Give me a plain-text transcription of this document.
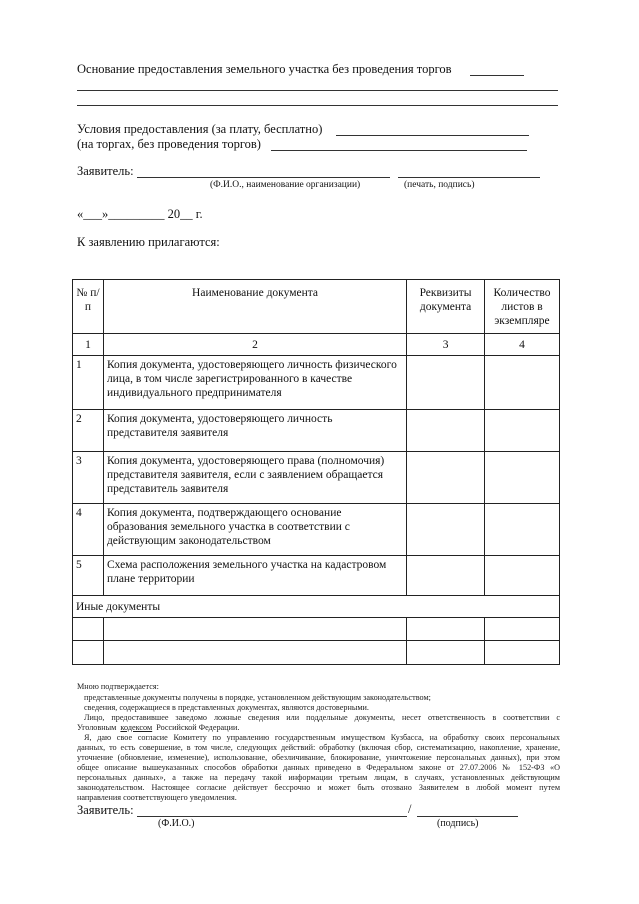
Основание предоставления земельного участка без проведения торгов
Условия предоставления (за плату, бесплатно)
(на торгах, без проведения торгов)
Заявитель:
(Ф.И.О., наименование организации)	(печать, подпись)
«___»_________ 20__ г.
К заявлению прилагаются:
№ п/п	Наименование документа	Реквизиты документа	Количество листов в экземпляре
1	2	3	4
1	Копия документа, удостоверяющего личность физического лица, в том числе зарегистрированного в качестве индивидуального предпринимателя		
2	Копия документа, удостоверяющего личность представителя заявителя		
3	Копия документа, удостоверяющего права (полномочия) представителя заявителя, если с заявлением обращается представитель заявителя		
4	Копия документа, подтверждающего основание образования земельного участка в соответствии с действующим законодательством		
5	Схема расположения земельного участка на кадастровом плане территории		
Иные документы			

Мною подтверждается:
представленные документы получены в порядке, установленном действующим законодательством;
сведения, содержащиеся в представленных документах, являются достоверными.
Лицо, предоставившее заведомо ложные сведения или поддельные документы, несет ответственность в соответствии с
Уголовным кодексом Российской Федерации.
Я, даю свое согласие Комитету по управлению государственным имуществом Кузбасса, на обработку своих персональных
данных, то есть совершение, в том числе, следующих действий: обработку (включая сбор, систематизацию, накопление, хранение,
уточнение (обновление, изменение), использование, обезличивание, блокирование, уничтожение персональных данных), при этом
общее описание вышеуказанных способов обработки данных приведено в Федеральном законе от 27.07.2006 № 152-ФЗ «О
персональных данных», а также на передачу такой информации третьим лицам, в случаях, установленных действующим
законодательством. Настоящее согласие действует бессрочно и может быть отозвано Заявителем в любой момент путем
направления соответствующего уведомления.
Заявитель:	/
(Ф.И.О.)	(подпись)
